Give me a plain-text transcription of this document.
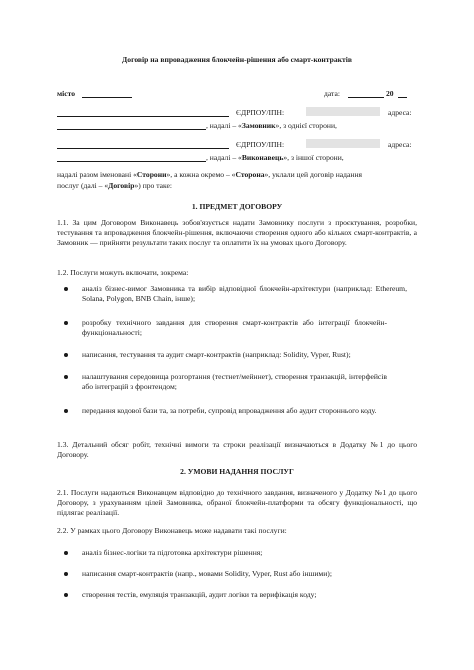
Договір на впровадження блокчейн-рішення або смарт-контрактів
місто	дата:	20
ЄДРПОУ/ІПН:	адреса:
, надалі – «Замовник», з однієї сторони,
ЄДРПОУ/ІПН:	адреса:
, надалі – «Виконавець», з іншої сторони,
надалі разом іменовані «Сторони», а кожна окремо – «Сторона», уклали цей договір надання
послуг (далі – «Договір») про таке:
1. ПРЕДМЕТ ДОГОВОРУ
1.1. За цим Договором Виконавець зобов'язується надати Замовнику послуги з проєктування, розробки, тестування та впровадження блокчейн-рішення, включаючи створення одного або кількох смарт-контрактів, а Замовник — прийняти результати таких послуг та оплатити їх на умовах цього Договору.
1.2. Послуги можуть включати, зокрема:
аналіз бізнес-вимог Замовника та вибір відповідної блокчейн-архітектури (наприклад: Ethereum, Solana, Polygon, BNB Chain, інше);
розробку технічного завдання для створення смарт-контрактів або інтеграції блокчейн-функціональності;
написання, тестування та аудит смарт-контрактів (наприклад: Solidity, Vyper, Rust);
налаштування середовища розгортання (тестнет/мейннет), створення транзакцій, інтерфейсів або інтеграцій з фронтендом;
передання кодової бази та, за потреби, супровід впровадження або аудит стороннього коду.
1.3. Детальний обсяг робіт, технічні вимоги та строки реалізації визначаються в Додатку №1 до цього Договору.
2. УМОВИ НАДАННЯ ПОСЛУГ
2.1. Послуги надаються Виконавцем відповідно до технічного завдання, визначеного у Додатку №1 до цього Договору, з урахуванням цілей Замовника, обраної блокчейн-платформи та обсягу функціональності, що підлягає реалізації.
2.2. У рамках цього Договору Виконавець може надавати такі послуги:
аналіз бізнес-логіки та підготовка архітектури рішення;
написання смарт-контрактів (напр., мовами Solidity, Vyper, Rust або іншими);
створення тестів, емуляція транзакцій, аудит логіки та верифікація коду;
